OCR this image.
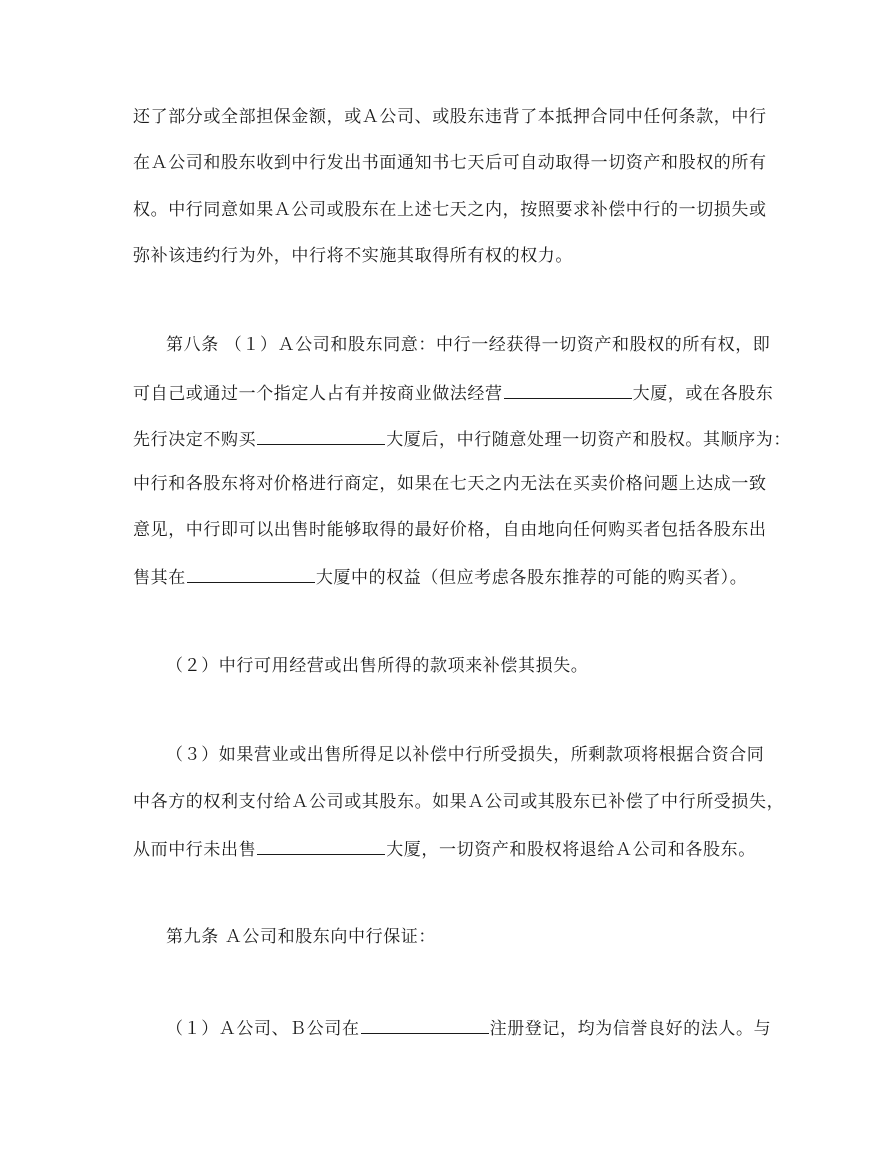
还了部分或全部担保金额，或Ａ公司、或股东违背了本抵押合同中任何条款，中行
在Ａ公司和股东收到中行发出书面通知书七天后可自动取得一切资产和股权的所有
权。中行同意如果Ａ公司或股东在上述七天之内，按照要求补偿中行的一切损失或
弥补该违约行为外，中行将不实施其取得所有权的权力。
第八条 （１）Ａ公司和股东同意：中行一经获得一切资产和股权的所有权，即
可自己或通过一个指定人占有并按商业做法经营	大厦，或在各股东
先行决定不购买	大厦后，中行随意处理一切资产和股权。其顺序为：
中行和各股东将对价格进行商定，如果在七天之内无法在买卖价格问题上达成一致
意见，中行即可以出售时能够取得的最好价格，自由地向任何购买者包括各股东出
售其在	大厦中的权益（但应考虑各股东推荐的可能的购买者）。
（２）中行可用经营或出售所得的款项来补偿其损失。
（３）如果营业或出售所得足以补偿中行所受损失，所剩款项将根据合资合同
中各方的权利支付给Ａ公司或其股东。如果Ａ公司或其股东已补偿了中行所受损失，
从而中行未出售	大厦，一切资产和股权将退给Ａ公司和各股东。
第九条 Ａ公司和股东向中行保证：
（１）Ａ公司、Ｂ公司在	注册登记，均为信誉良好的法人。与
